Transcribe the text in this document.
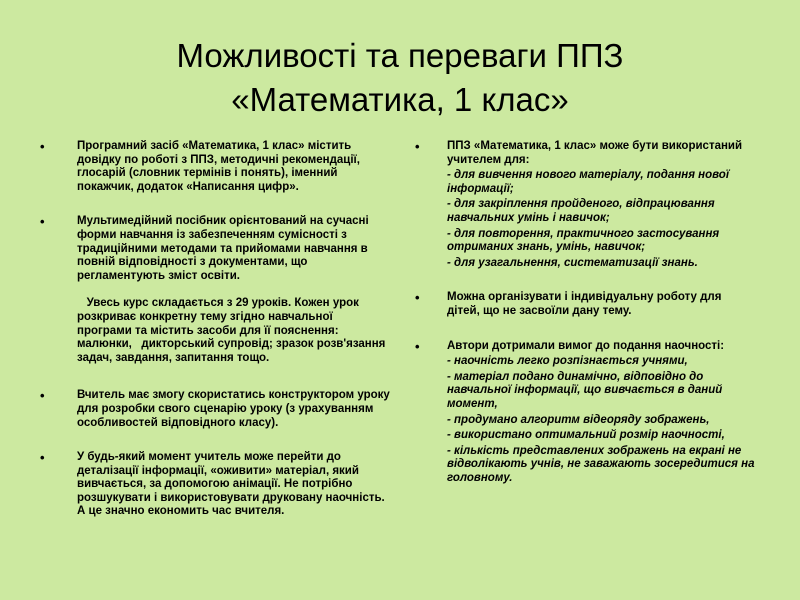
Можливості та переваги ППЗ
«Математика, 1 клас»
•	Програмний засіб «Математика, 1 клас» містить довідку по роботі з ППЗ, методичні рекомендації, глосарій (словник термінів і понять), іменний покажчик, додаток «Написання цифр».
•	Мультимедійний посібник орієнтований на сучасні форми навчання із забезпеченням сумісності з традиційними методами та прийомами навчання в повній відповідності з документами, що регламентують зміст освіти.
Увесь курс складається з 29 уроків. Кожен урок розкриває конкретну тему згідно навчальної програми та містить засоби для її пояснення: малюнки,   дикторський супровід; зразок розв'язання задач, завдання, запитання тощо.
•	Вчитель має змогу скористатись конструктором уроку для розробки свого сценарію уроку (з урахуванням особливостей відповідного класу).
•	У будь-який момент учитель може перейти до деталізації інформації, «оживити» матеріал, який вивчається, за допомогою анімації. Не потрібно розшукувати і використовувати друковану наочність. А це значно економить час вчителя.
• ППЗ «Математика, 1 клас» може бути використаний учителем для:
- для вивчення нового матеріалу, подання нової інформації;
- для закріплення пройденого, відпрацювання навчальних умінь і навичок;
- для повторення, практичного застосування отриманих знань, умінь, навичок;
- для узагальнення, систематизації знань.
• Можна організувати і індивідуальну роботу для дітей, що не засвоїли дану тему.
• Автори дотримали вимог до подання наочності:
- наочність легко розпізнається учнями,
- матеріал подано динамічно, відповідно до навчальної інформації, що вивчається в даний момент,
- продумано алгоритм відеоряду зображень,
- використано оптимальний розмір наочності,
- кількість представлених зображень на екрані не відволікають учнів, не заважають зосередитися на головному.
